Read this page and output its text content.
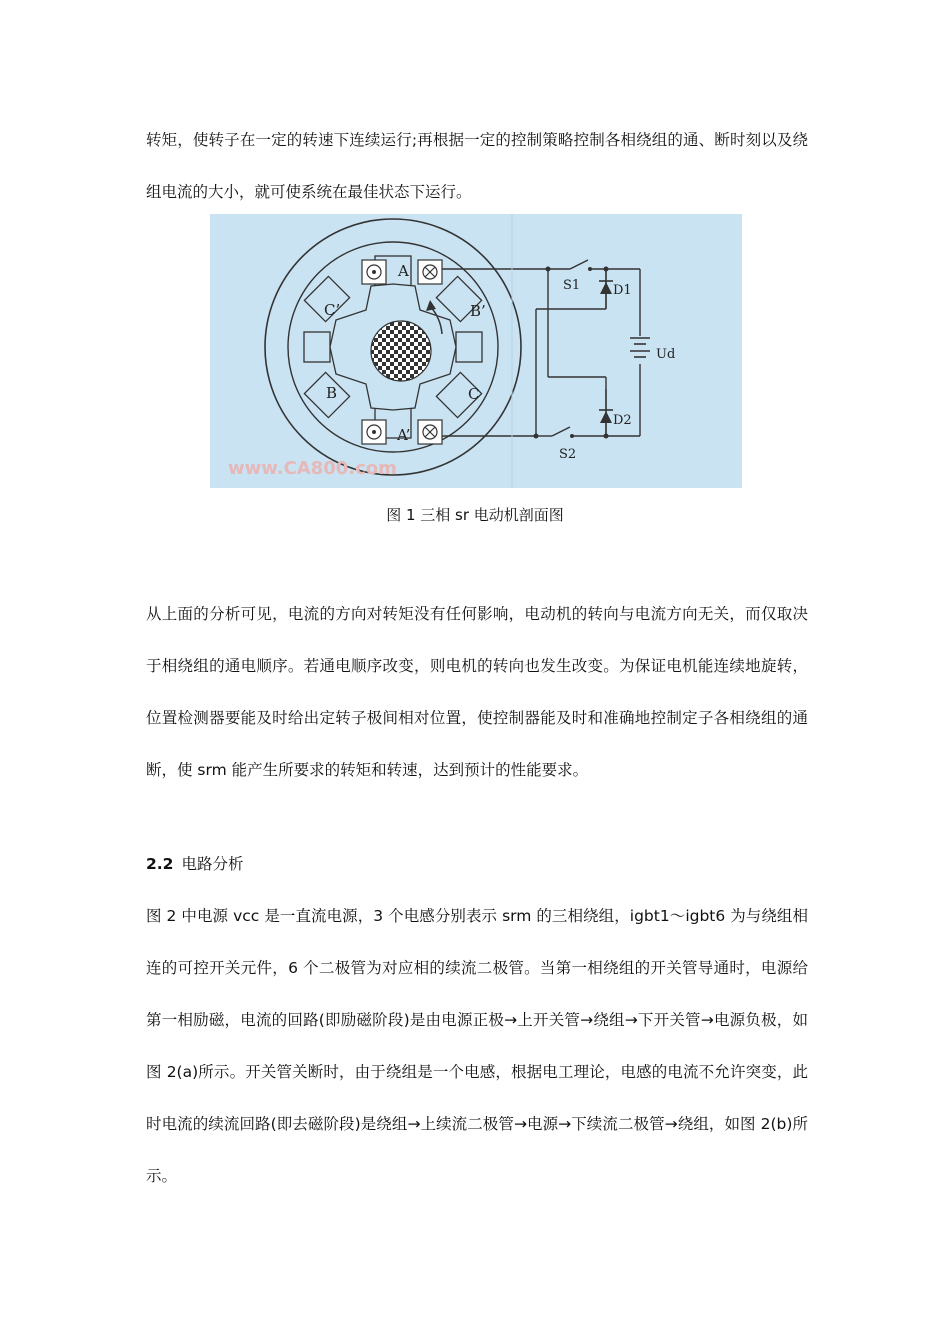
转矩，使转子在一定的转速下连续运行;再根据一定的控制策略控制各相绕组的通、断时刻以及绕组电流的大小，就可使系统在最佳状态下运行。

A
A’
B
B’
C
C’
S1	D1
Ud
D2
S2
www.CA800.com
图 1 三相 sr 电动机剖面图

从上面的分析可见，电流的方向对转矩没有任何影响，电动机的转向与电流方向无关，而仅取决于相绕组的通电顺序。若通电顺序改变，则电机的转向也发生改变。为保证电机能连续地旋转，位置检测器要能及时给出定转子极间相对位置，使控制器能及时和准确地控制定子各相绕组的通断，使 srm 能产生所要求的转矩和转速，达到预计的性能要求。

2.2 电路分析

图 2 中电源 vcc 是一直流电源，3 个电感分别表示 srm 的三相绕组，igbt1～igbt6 为与绕组相连的可控开关元件，6 个二极管为对应相的续流二极管。当第一相绕组的开关管导通时，电源给第一相励磁，电流的回路(即励磁阶段)是由电源正极→上开关管→绕组→下开关管→电源负极，如图 2(a)所示。开关管关断时，由于绕组是一个电感，根据电工理论，电感的电流不允许突变，此时电流的续流回路(即去磁阶段)是绕组→上续流二极管→电源→下续流二极管→绕组，如图 2(b)所示。
